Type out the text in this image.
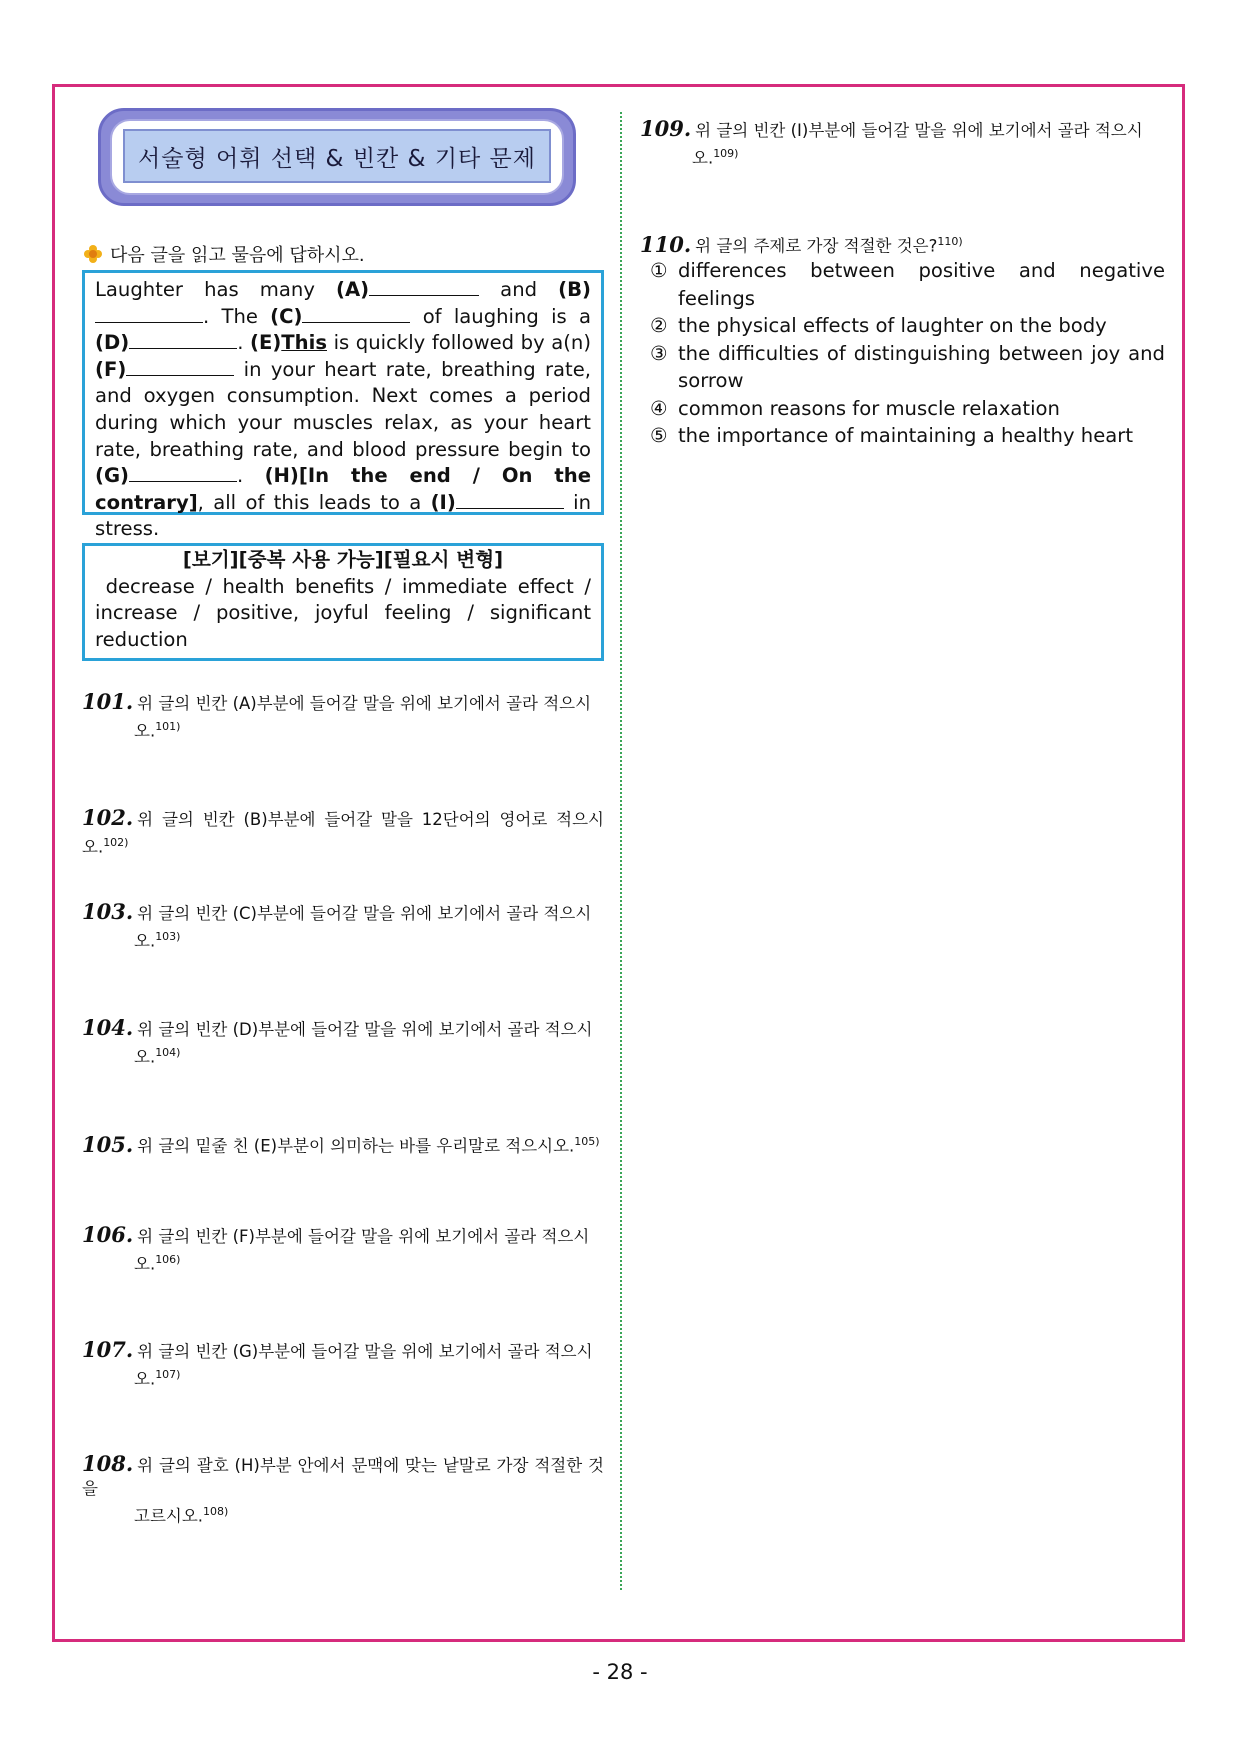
서술형 어휘 선택 & 빈칸 & 기타 문제
다음 글을 읽고 물음에 답하시오.
Laughter has many (A)	and (B). The (C)	of laughing is a (D)	. (E)This is quickly followed by a(n) (F)	in your heart rate, breathing rate, and oxygen consumption. Next comes a period during which your muscles relax, as your heart rate, breathing rate, and blood pressure begin to (G)	. (H)[In the end / On the contrary], all of this leads to a (I)	in stress.
[보기][중복 사용 가능][필요시 변형]
decrease / health benefits / immediate effect / increase / positive, joyful feeling / significant reduction
101. 위 글의 빈칸 (A)부분에 들어갈 말을 위에 보기에서 골라 적으시
오.$^{101)}$
102. 위 글의 빈칸 (B)부분에 들어갈 말을 12단어의 영어로 적으시오.$^{102)}$
103. 위 글의 빈칸 (C)부분에 들어갈 말을 위에 보기에서 골라 적으시
오.$^{103)}$
104. 위 글의 빈칸 (D)부분에 들어갈 말을 위에 보기에서 골라 적으시
오.$^{104)}$
105. 위 글의 밑줄 친 (E)부분이 의미하는 바를 우리말로 적으시오.$^{105)}$
106. 위 글의 빈칸 (F)부분에 들어갈 말을 위에 보기에서 골라 적으시
오.$^{106)}$
107. 위 글의 빈칸 (G)부분에 들어갈 말을 위에 보기에서 골라 적으시
오.$^{107)}$
108. 위 글의 괄호 (H)부분 안에서 문맥에 맞는 낱말로 가장 적절한 것을
고르시오.$^{108)}$
109. 위 글의 빈칸 (I)부분에 들어갈 말을 위에 보기에서 골라 적으시
오.$^{109)}$
110. 위 글의 주제로 가장 적절한 것은?$^{110)}$
① differences between positive and negative feelings
② the physical effects of laughter on the body
③ the difficulties of distinguishing between joy and sorrow
④ common reasons for muscle relaxation
⑤ the importance of maintaining a healthy heart
- 28 -
